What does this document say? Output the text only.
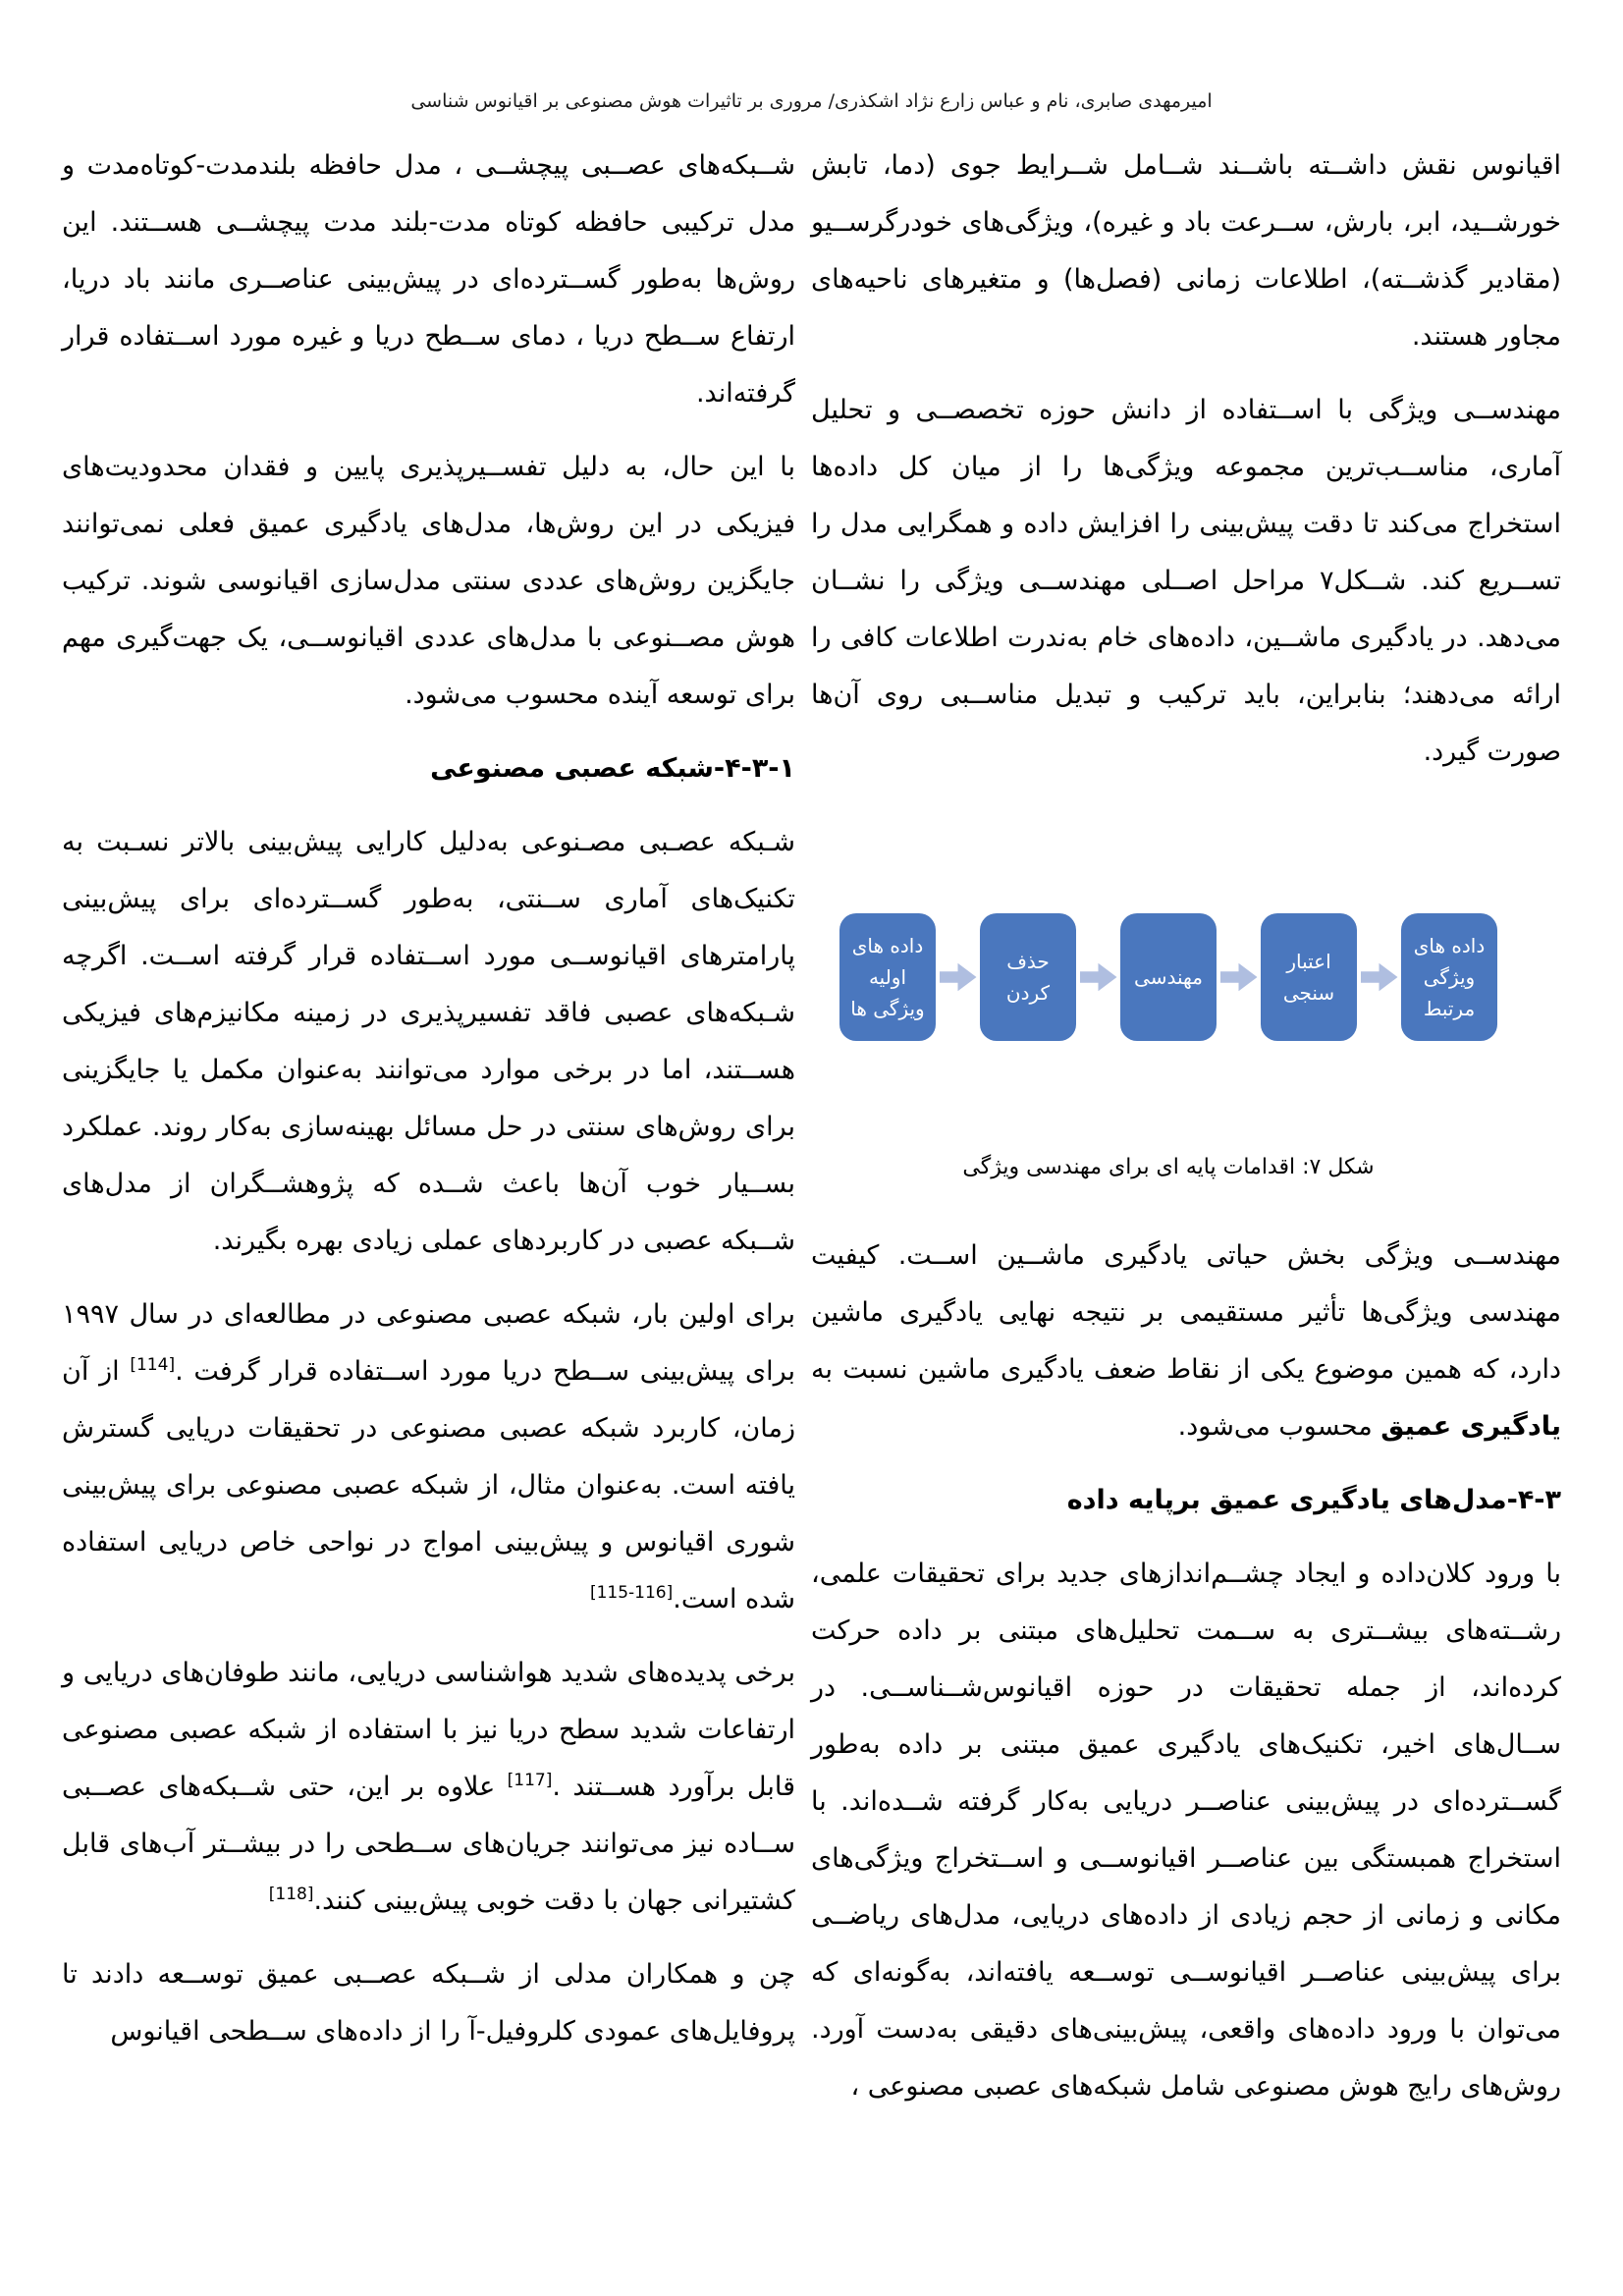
امیرمهدی صابری، نام و عباس زارع نژاد اشکذری/ مروری بر تاثیرات هوش مصنوعی بر اقیانوس شناسی

شــبکه‌های عصــبی پیچشــی ، مدل حافظه بلندمدت-کوتاه‌مدت و مدل ترکیبی حافظه کوتاه مدت-بلند مدت پیچشــی هســتند. این روش‌ها به‌طور گســترده‌ای در پیش‌بینی عناصــری مانند باد دریا، ارتفاع ســطح دریا ، دمای ســطح دریا و غیره مورد اســتفاده قرار گرفته‌اند.

با این حال، به دلیل تفســیرپذیری پایین و فقدان محدودیت‌های فیزیکی در این روش‌ها، مدل‌های یادگیری عمیق فعلی نمی‌توانند جایگزین روش‌های عددی سنتی مدل‌سازی اقیانوسی شوند. ترکیب هوش مصــنوعی با مدل‌های عددی اقیانوســی، یک جهت‌گیری مهم برای توسعه آینده محسوب می‌شود.

۴-۳-۱-شبکه عصبی مصنوعی

شـبکه عصـبی مصـنوعی به‌دلیل کارایی پیش‌بینی بالاتر نسـبت به تکنیک‌های آماری ســنتی، به‌طور گســترده‌ای برای پیش‌بینی پارامترهای اقیانوســی مورد اســتفاده قرار گرفته اســت. اگرچه شـبکه‌های عصبی فاقد تفسیرپذیری در زمینه مکانیزم‌های فیزیکی هســتند، اما در برخی موارد می‌توانند به‌عنوان مکمل یا جایگزینی برای روش‌های سنتی در حل مسائل بهینه‌سازی به‌کار روند. عملکرد بســیار خوب آن‌ها باعث شــده که پژوهشــگران از مدل‌های شــبکه عصبی در کاربردهای عملی زیادی بهره بگیرند.

برای اولین بار، شبکه عصبی مصنوعی در مطالعه‌ای در سال ۱۹۹۷ برای پیش‌بینی ســطح دریا مورد اســتفاده قرار گرفت .[114] از آن زمان، کاربرد شبکه عصبی مصنوعی در تحقیقات دریایی گسترش یافته است. به‌عنوان مثال، از شبکه عصبی مصنوعی برای پیش‌بینی شوری اقیانوس و پیش‌بینی امواج در نواحی خاص دریایی استفاده شده است.[115-116]

برخی پدیده‌های شدید هواشناسی دریایی، مانند طوفان‌های دریایی و ارتفاعات شدید سطح دریا نیز با استفاده از شبکه عصبی مصنوعی قابل برآورد هســتند .[117] علاوه بر این، حتی شــبکه‌های عصــبی ســاده نیز می‌توانند جریان‌های ســطحی را در بیشــتر آب‌های قابل کشتیرانی جهان با دقت خوبی پیش‌بینی کنند.[118]

چن و همکاران مدلی از شــبکه عصــبی عمیق توســعه دادند تا پروفایل‌های عمودی کلروفیل-آ را از داده‌های ســطحی اقیانوس

اقیانوس نقش داشــته باشــند شــامل شــرایط جوی (دما، تابش خورشــید، ابر، بارش، ســرعت باد و غیره)، ویژگی‌های خودرگرســیو (مقادیر گذشــته)، اطلاعات زمانی (فصل‌ها) و متغیرهای ناحیه‌های مجاور هستند.

مهندســی ویژگی با اســتفاده از دانش حوزه تخصصــی و تحلیل آماری، مناســب‌ترین مجموعه ویژگی‌ها را از میان کل داده‌ها استخراج می‌کند تا دقت پیش‌بینی را افزایش داده و همگرایی مدل را تســریع کند. شــکل۷ مراحل اصــلی مهندســی ویژگی را نشــان می‌دهد. در یادگیری ماشــین، داده‌های خام به‌ندرت اطلاعات کافی را ارائه می‌دهند؛ بنابراین، باید ترکیب و تبدیل مناســبی روی آن‌ها صورت گیرد.

داده های اولیه ویژگی ها
حذف کردن
مهندسی
اعتبار سنجی
داده های ویژگی مرتبط
شکل ۷: اقدامات پایه ای برای مهندسی ویژگی

مهندســی ویژگی بخش حیاتی یادگیری ماشــین اســت. کیفیت مهندسی ویژگی‌ها تأثیر مستقیمی بر نتیجه نهایی یادگیری ماشین دارد، که همین موضوع یکی از نقاط ضعف یادگیری ماشین نسبت به یادگیری عمیق محسوب می‌شود.

۴-۳-مدل‌های یادگیری عمیق برپایه داده

با ورود کلان‌داده و ایجاد چشــم‌اندازهای جدید برای تحقیقات علمی، رشــته‌های بیشــتری به ســمت تحلیل‌های مبتنی بر داده حرکت کرده‌اند، از جمله تحقیقات در حوزه اقیانوس‌شــناســی. در ســال‌های اخیر، تکنیک‌های یادگیری عمیق مبتنی بر داده به‌طور گســترده‌ای در پیش‌بینی عناصــر دریایی به‌کار گرفته شــده‌اند. با استخراج همبستگی بین عناصــر اقیانوســی و اســتخراج ویژگی‌های مکانی و زمانی از حجم زیادی از داده‌های دریایی، مدل‌های ریاضــی برای پیش‌بینی عناصــر اقیانوســی توســعه یافته‌اند، به‌گونه‌ای که می‌توان با ورود داده‌های واقعی، پیش‌بینی‌های دقیقی به‌دست آورد. روش‌های رایج هوش مصنوعی شامل شبکه‌های عصبی مصنوعی ،
